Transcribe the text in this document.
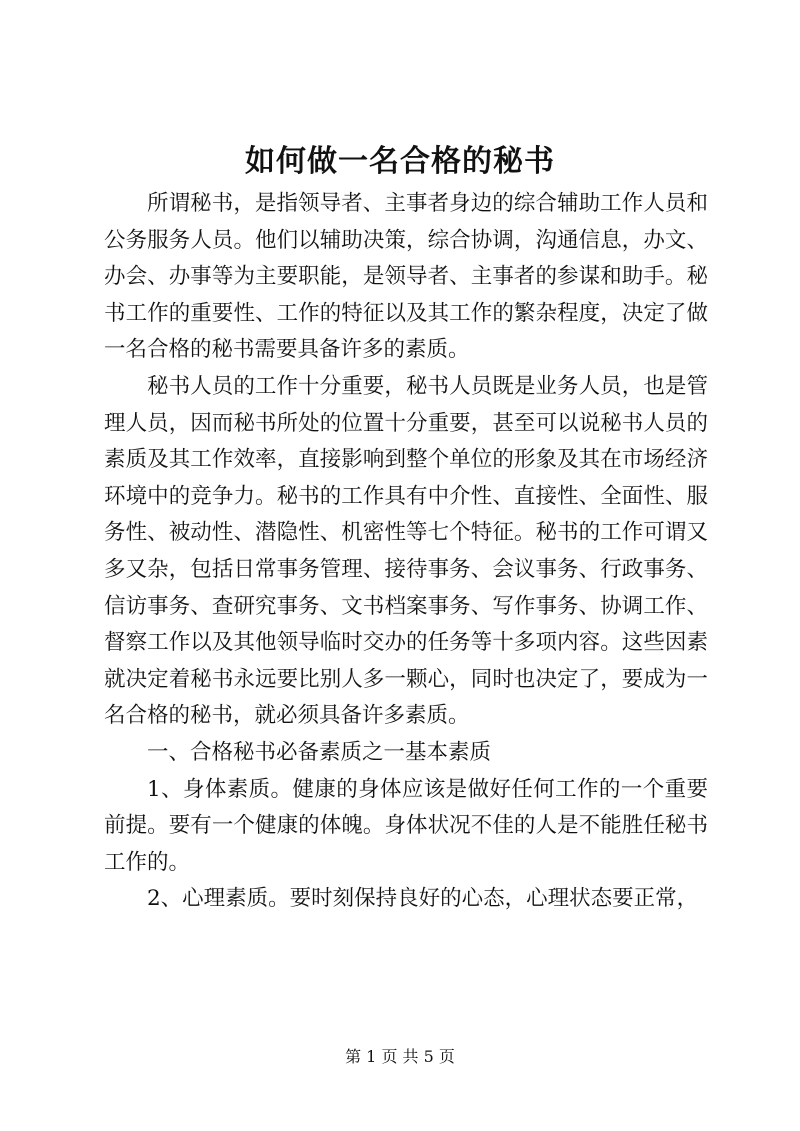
如何做一名合格的秘书

所谓秘书，是指领导者、主事者身边的综合辅助工作人员和公务服务人员。他们以辅助决策，综合协调，沟通信息，办文、办会、办事等为主要职能，是领导者、主事者的参谋和助手。秘书工作的重要性、工作的特征以及其工作的繁杂程度，决定了做一名合格的秘书需要具备许多的素质。

秘书人员的工作十分重要，秘书人员既是业务人员，也是管理人员，因而秘书所处的位置十分重要，甚至可以说秘书人员的素质及其工作效率，直接影响到整个单位的形象及其在市场经济环境中的竞争力。秘书的工作具有中介性、直接性、全面性、服务性、被动性、潜隐性、机密性等七个特征。秘书的工作可谓又多又杂，包括日常事务管理、接待事务、会议事务、行政事务、信访事务、查研究事务、文书档案事务、写作事务、协调工作、督察工作以及其他领导临时交办的任务等十多项内容。这些因素就决定着秘书永远要比别人多一颗心，同时也决定了，要成为一名合格的秘书，就必须具备许多素质。

一、合格秘书必备素质之一基本素质

1、身体素质。健康的身体应该是做好任何工作的一个重要前提。要有一个健康的体魄。身体状况不佳的人是不能胜任秘书工作的。

2、心理素质。要时刻保持良好的心态，心理状态要正常，

第 1 页 共 5 页
